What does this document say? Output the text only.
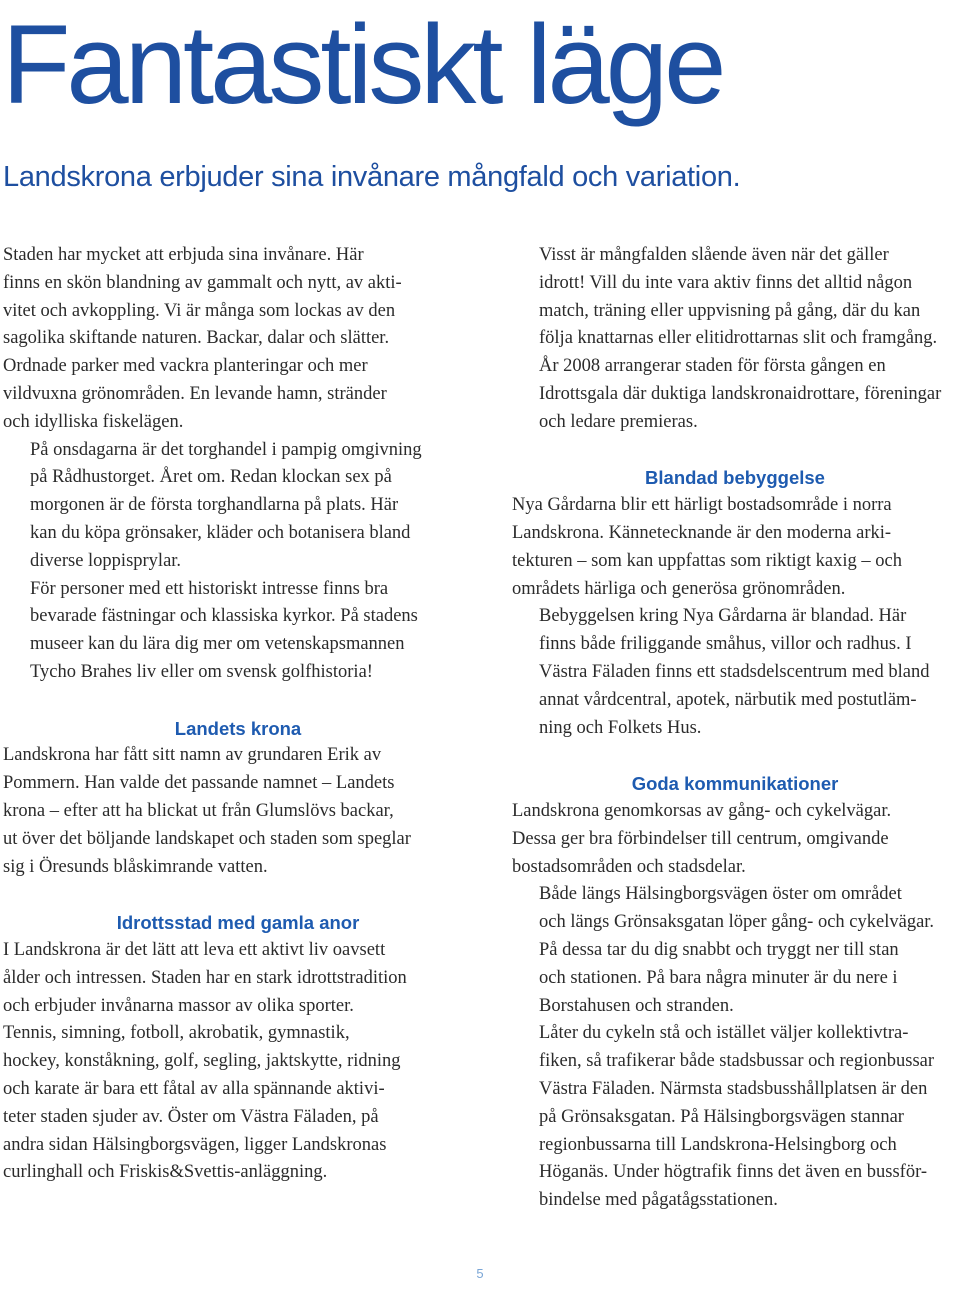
Fantastiskt läge
Landskrona erbjuder sina invånare mångfald och variation.

Staden har mycket att erbjuda sina invånare. Här
finns en skön blandning av gammalt och nytt, av akti-
vitet och avkoppling. Vi är många som lockas av den
sagolika skiftande naturen. Backar, dalar och slätter.
Ordnade parker med vackra planteringar och mer
vildvuxna grönområden. En levande hamn, stränder
och idylliska fiskelägen.

På onsdagarna är det torghandel i pampig omgivning
på Rådhustorget. Året om. Redan klockan sex på
morgonen är de första torghandlarna på plats. Här
kan du köpa grönsaker, kläder och botanisera bland
diverse loppisprylar.

För personer med ett historiskt intresse finns bra
bevarade fästningar och klassiska kyrkor. På stadens
museer kan du lära dig mer om vetenskapsmannen
Tycho Brahes liv eller om svensk golfhistoria!

Landets krona

Landskrona har fått sitt namn av grundaren Erik av
Pommern. Han valde det passande namnet – Landets
krona – efter att ha blickat ut från Glumslövs backar,
ut över det böljande landskapet och staden som speglar
sig i Öresunds blåskimrande vatten.

Idrottsstad med gamla anor

I Landskrona är det lätt att leva ett aktivt liv oavsett
ålder och intressen. Staden har en stark idrottstradition
och erbjuder invånarna massor av olika sporter.
Tennis, simning, fotboll, akrobatik, gymnastik,
hockey, konståkning, golf, segling, jaktskytte, ridning
och karate är bara ett fåtal av alla spännande aktivi-
teter staden sjuder av. Öster om Västra Fäladen, på
andra sidan Hälsingborgsvägen, ligger Landskronas
curlinghall och Friskis&Svettis-anläggning.

Visst är mångfalden slående även när det gäller
idrott! Vill du inte vara aktiv finns det alltid någon
match, träning eller uppvisning på gång, där du kan
följa knattarnas eller elitidrottarnas slit och framgång.

År 2008 arrangerar staden för första gången en
Idrottsgala där duktiga landskronaidrottare, föreningar
och ledare premieras.

Blandad bebyggelse

Nya Gårdarna blir ett härligt bostadsområde i norra
Landskrona. Kännetecknande är den moderna arki-
tekturen – som kan uppfattas som riktigt kaxig – och
områdets härliga och generösa grönområden.

Bebyggelsen kring Nya Gårdarna är blandad. Här
finns både friliggande småhus, villor och radhus. I
Västra Fäladen finns ett stadsdelscentrum med bland
annat vårdcentral, apotek, närbutik med postutläm-
ning och Folkets Hus.

Goda kommunikationer

Landskrona genomkorsas av gång- och cykelvägar.
Dessa ger bra förbindelser till centrum, omgivande
bostadsområden och stadsdelar.

Både längs Hälsingborgsvägen öster om området
och längs Grönsaksgatan löper gång- och cykelvägar.
På dessa tar du dig snabbt och tryggt ner till stan
och stationen. På bara några minuter är du nere i
Borstahusen och stranden.

Låter du cykeln stå och istället väljer kollektivtra-
fiken, så trafikerar både stadsbussar och regionbussar
Västra Fäladen. Närmsta stadsbusshållplatsen är den
på Grönsaksgatan. På Hälsingborgsvägen stannar
regionbussarna till Landskrona-Helsingborg och
Höganäs. Under högtrafik finns det även en bussför-
bindelse med pågatågsstationen.

5
